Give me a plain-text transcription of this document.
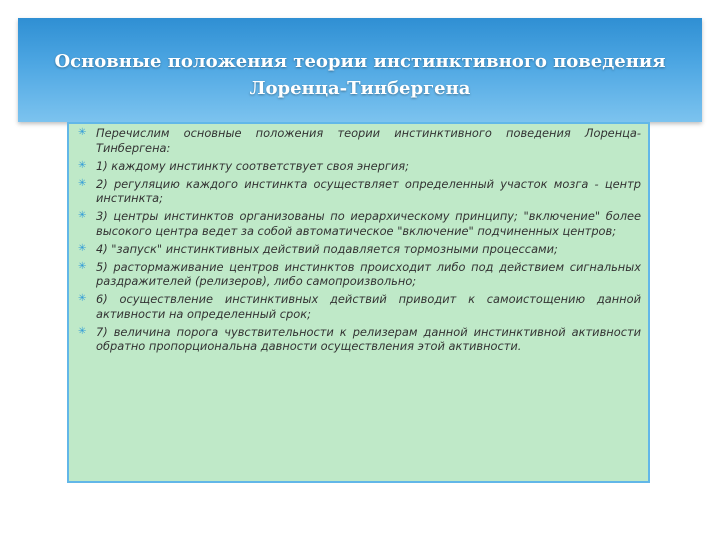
Основные положения теории инстинктивного поведения Лоренца-Тинбергена
✳ Перечислим основные положения теории инстинктивного поведения Лоренца-Тинбергена:
✳ 1) каждому инстинкту соответствует своя энергия;
✳ 2) регуляцию каждого инстинкта осуществляет определенный участок мозга - центр инстинкта;
✳ 3) центры инстинктов организованы по иерархическому принципу; "включение" более высокого центра ведет за собой автоматическое "включение" подчиненных центров;
✳ 4) "запуск" инстинктивных действий подавляется тормозными процессами;
✳ 5) растормаживание центров инстинктов происходит либо под действием сигнальных раздражителей (релизеров), либо самопроизвольно;
✳ 6) осуществление инстинктивных действий приводит к самоистощению данной активности на определенный срок;
✳ 7) величина порога чувствительности к релизерам данной инстинктивной активности обратно пропорциональна давности осуществления этой активности.
